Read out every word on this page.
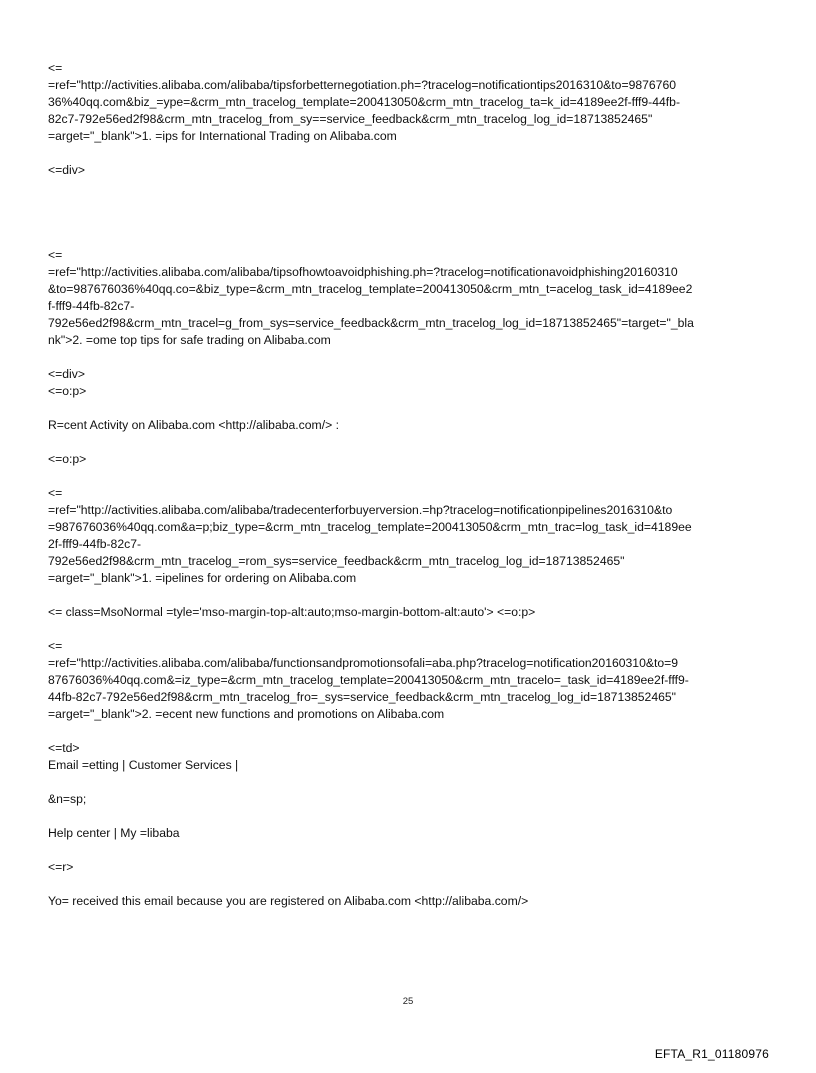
<=
=ref="http://activities.alibaba.com/alibaba/tipsforbetternegotiation.ph=?tracelog=notificationtips2016310&to=9876760
36%40qq.com&biz_=ype=&crm_mtn_tracelog_template=200413050&crm_mtn_tracelog_ta=k_id=4189ee2f-fff9-44fb-
82c7-792e56ed2f98&crm_mtn_tracelog_from_sy==service_feedback&crm_mtn_tracelog_log_id=18713852465"
=arget="_blank">1. =ips for International Trading on Alibaba.com

<=div>

<=
=ref="http://activities.alibaba.com/alibaba/tipsofhowtoavoidphishing.ph=?tracelog=notificationavoidphishing20160310
&to=987676036%40qq.co=&biz_type=&crm_mtn_tracelog_template=200413050&crm_mtn_t=acelog_task_id=4189ee2
f-fff9-44fb-82c7-
792e56ed2f98&crm_mtn_tracel=g_from_sys=service_feedback&crm_mtn_tracelog_log_id=18713852465"=target="_bla
nk">2. =ome top tips for safe trading on Alibaba.com

<=div>
<=o:p>

R=cent Activity on Alibaba.com <http://alibaba.com/> :

<=o:p>

<=
=ref="http://activities.alibaba.com/alibaba/tradecenterforbuyerversion.=hp?tracelog=notificationpipelines2016310&to
=987676036%40qq.com&a=p;biz_type=&crm_mtn_tracelog_template=200413050&crm_mtn_trac=log_task_id=4189ee
2f-fff9-44fb-82c7-
792e56ed2f98&crm_mtn_tracelog_=rom_sys=service_feedback&crm_mtn_tracelog_log_id=18713852465"
=arget="_blank">1. =ipelines for ordering on Alibaba.com

<= class=MsoNormal =tyle='mso-margin-top-alt:auto;mso-margin-bottom-alt:auto'> <=o:p>

<=
=ref="http://activities.alibaba.com/alibaba/functionsandpromotionsofali=aba.php?tracelog=notification20160310&to=9
87676036%40qq.com&=iz_type=&crm_mtn_tracelog_template=200413050&crm_mtn_tracelo=_task_id=4189ee2f-fff9-
44fb-82c7-792e56ed2f98&crm_mtn_tracelog_fro=_sys=service_feedback&crm_mtn_tracelog_log_id=18713852465"
=arget="_blank">2. =ecent new functions and promotions on Alibaba.com

<=td>
Email =etting | Customer Services |

&n=sp;

Help center | My =libaba

<=r>

Yo= received this email because you are registered on Alibaba.com <http://alibaba.com/>

25
EFTA_R1_01180976
